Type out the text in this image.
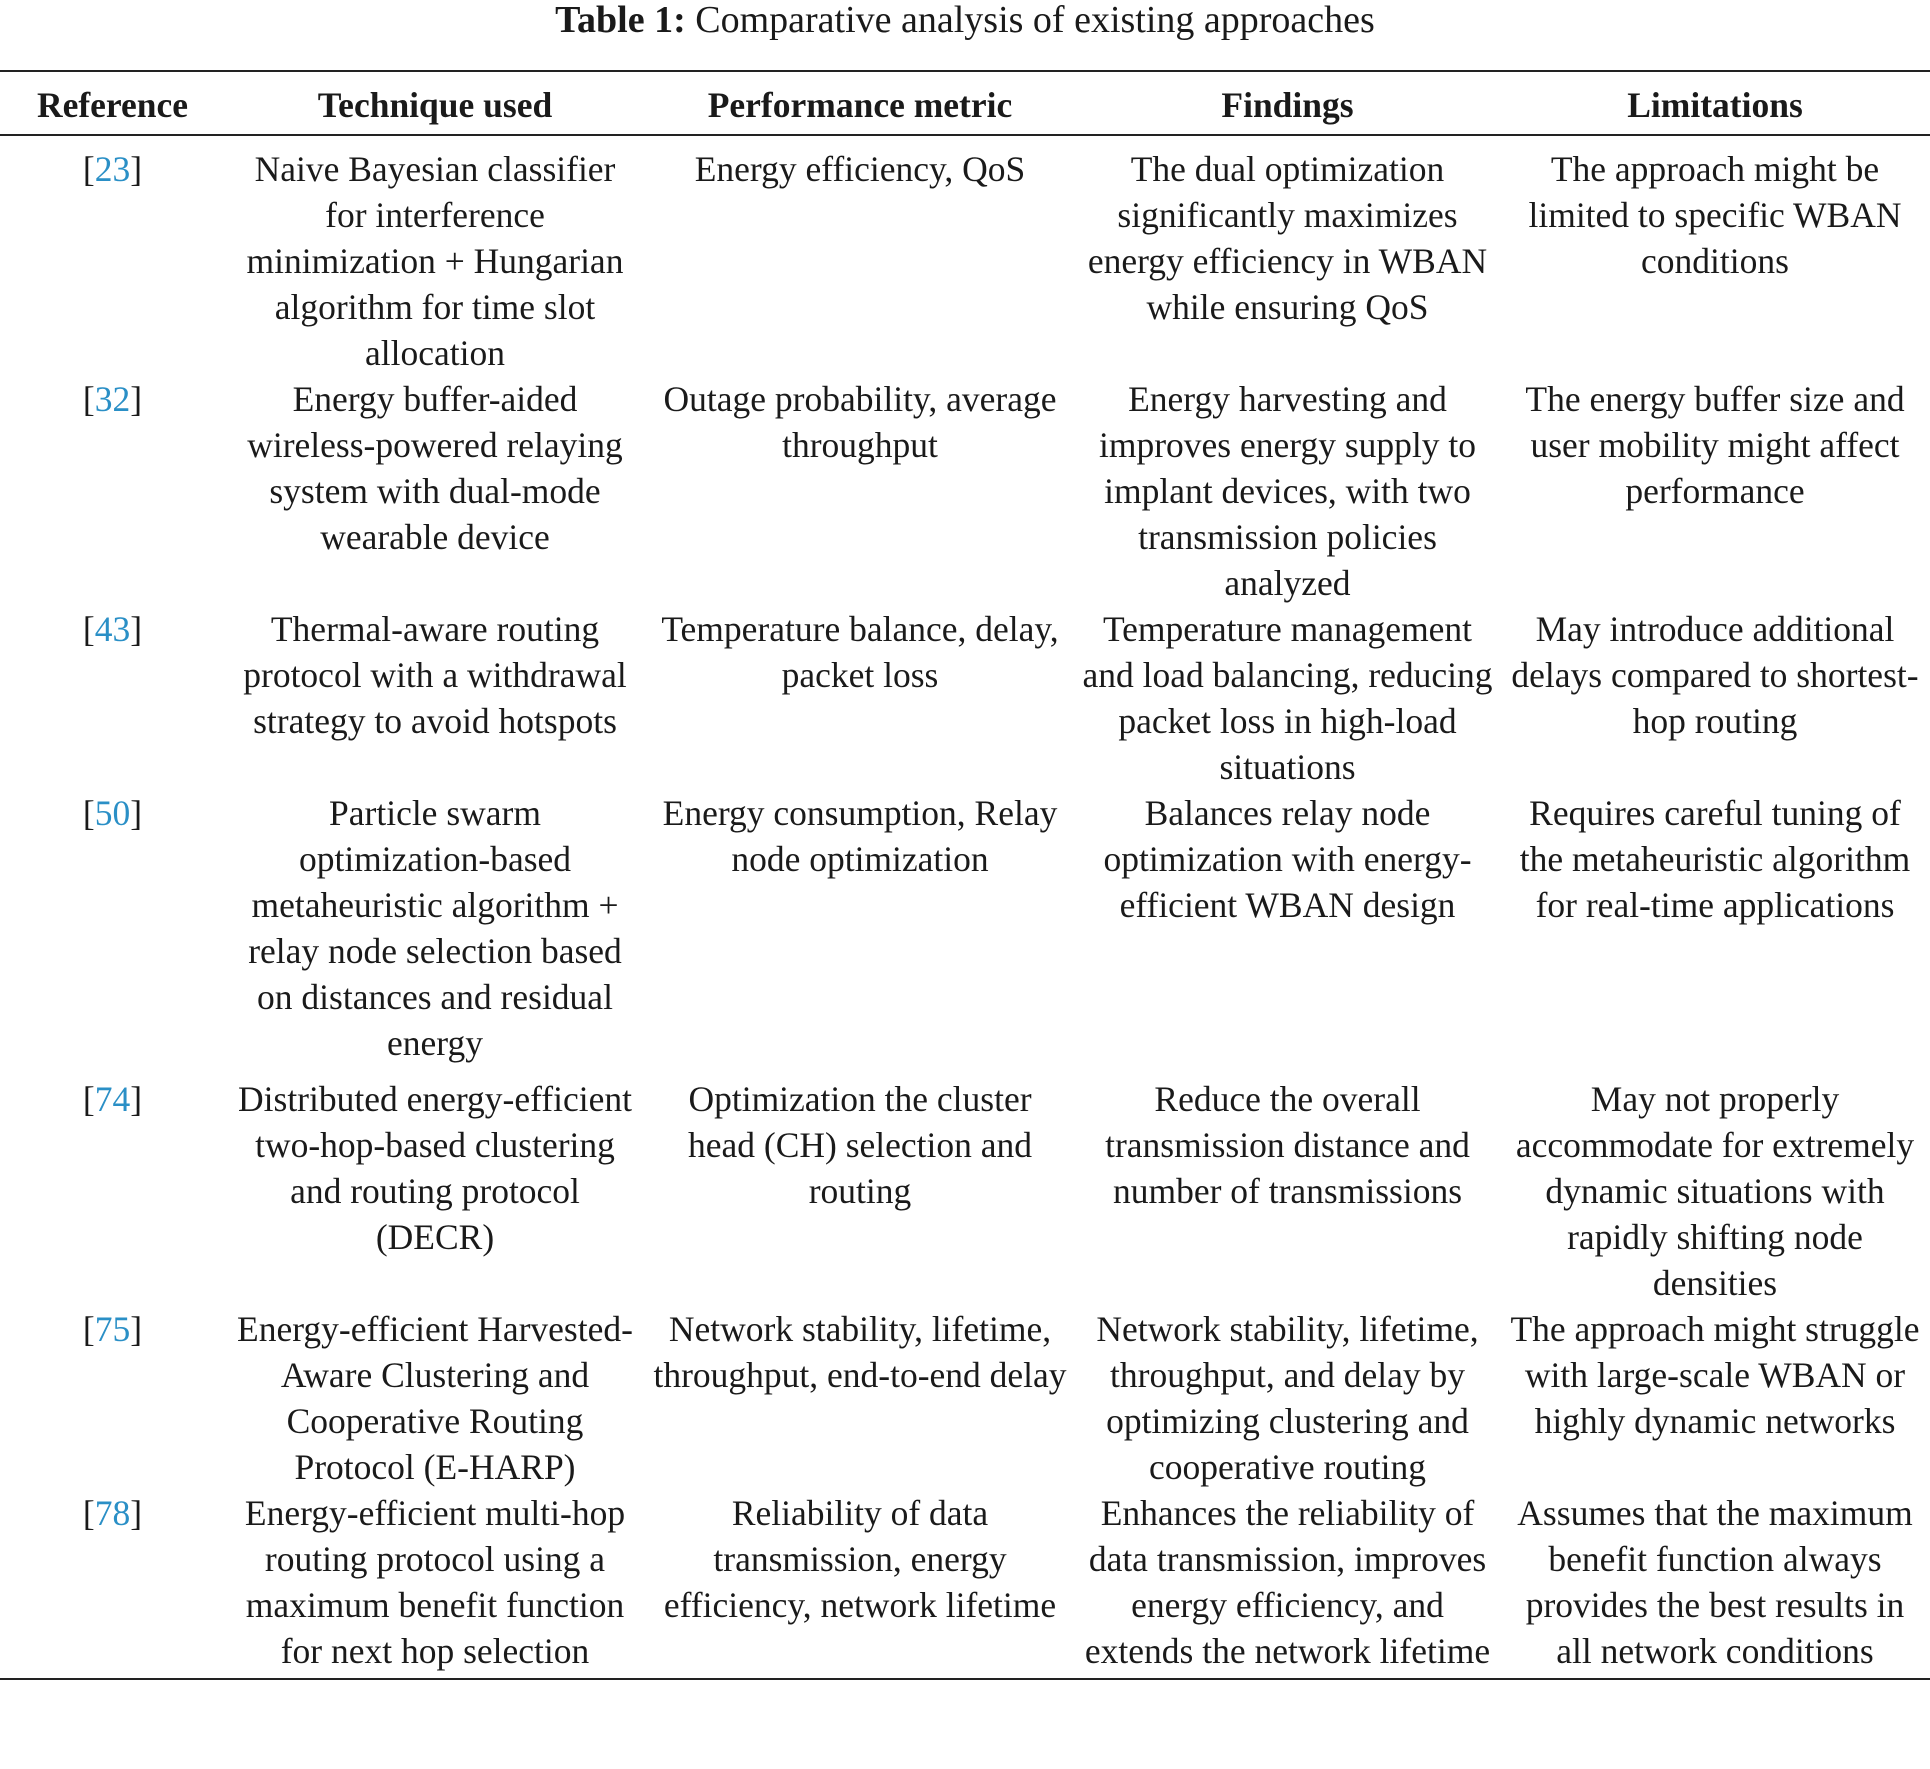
Table 1: Comparative analysis of existing approaches
Reference	Technique used	Performance metric	Findings	Limitations
[23]	Naive Bayesian classifier for interference minimization + Hungarian algorithm for time slot allocation	Energy efficiency, QoS	The dual optimization significantly maximizes energy efficiency in WBAN while ensuring QoS	The approach might be limited to specific WBAN conditions
[32]	Energy buffer-aided wireless-powered relaying system with dual-mode wearable device	Outage probability, average throughput	Energy harvesting and improves energy supply to implant devices, with two transmission policies analyzed	The energy buffer size and user mobility might affect performance
[43]	Thermal-aware routing protocol with a withdrawal strategy to avoid hotspots	Temperature balance, delay, packet loss	Temperature management and load balancing, reducing packet loss in high-load situations	May introduce additional delays compared to shortest-hop routing
[50]	Particle swarm optimization-based metaheuristic algorithm + relay node selection based on distances and residual energy	Energy consumption, Relay node optimization	Balances relay node optimization with energy-efficient WBAN design	Requires careful tuning of the metaheuristic algorithm for real-time applications
[74]	Distributed energy-efficient two-hop-based clustering and routing protocol (DECR)	Optimization the cluster head (CH) selection and routing	Reduce the overall transmission distance and number of transmissions	May not properly accommodate for extremely dynamic situations with rapidly shifting node densities
[75]	Energy-efficient Harvested-Aware Clustering and Cooperative Routing Protocol (E-HARP)	Network stability, lifetime, throughput, end-to-end delay	Network stability, lifetime, throughput, and delay by optimizing clustering and cooperative routing	The approach might struggle with large-scale WBAN or highly dynamic networks
[78]	Energy-efficient multi-hop routing protocol using a maximum benefit function for next hop selection	Reliability of data transmission, energy efficiency, network lifetime	Enhances the reliability of data transmission, improves energy efficiency, and extends the network lifetime	Assumes that the maximum benefit function always provides the best results in all network conditions
